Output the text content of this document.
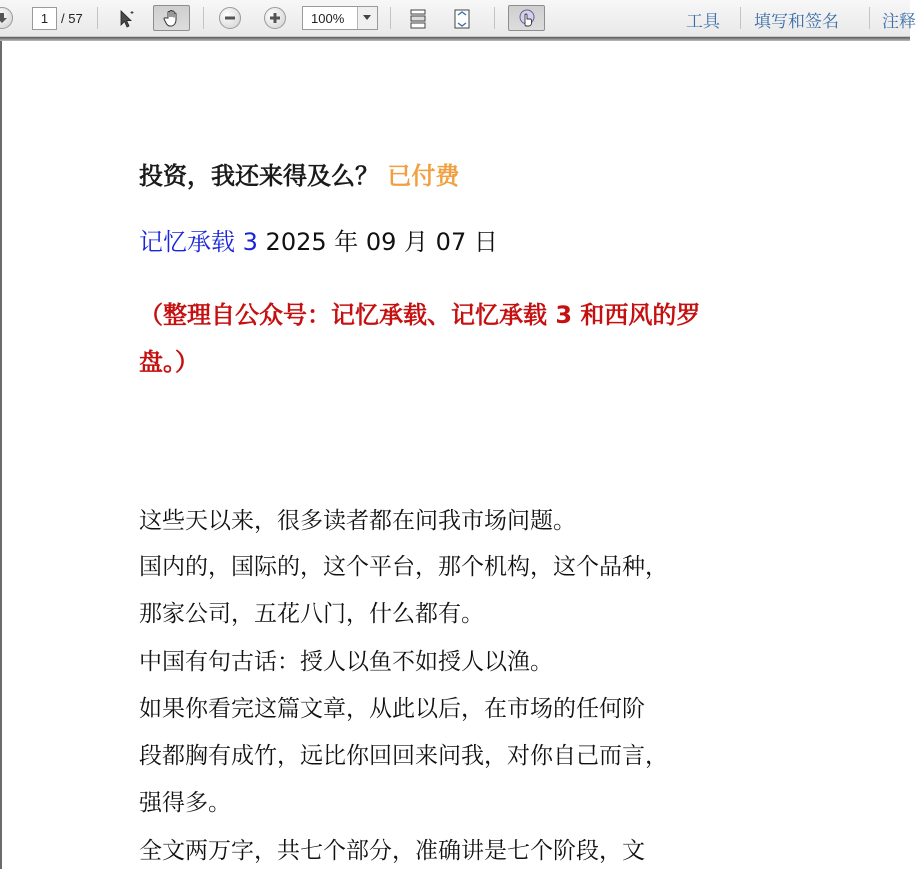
1 / 57	100%	工具 填写和签名	注释
投资，我还来得及么？ 已付费
记忆承载 3 2025 年 09 月 07 日
（整理自公众号：记忆承载、记忆承载 3 和西风的罗
盘。）
这些天以来，很多读者都在问我市场问题。
国内的，国际的，这个平台，那个机构，这个品种，
那家公司，五花八门，什么都有。
中国有句古话：授人以鱼不如授人以渔。
如果你看完这篇文章，从此以后，在市场的任何阶
段都胸有成竹，远比你回回来问我，对你自己而言，
强得多。
全文两万字，共七个部分，准确讲是七个阶段，文
